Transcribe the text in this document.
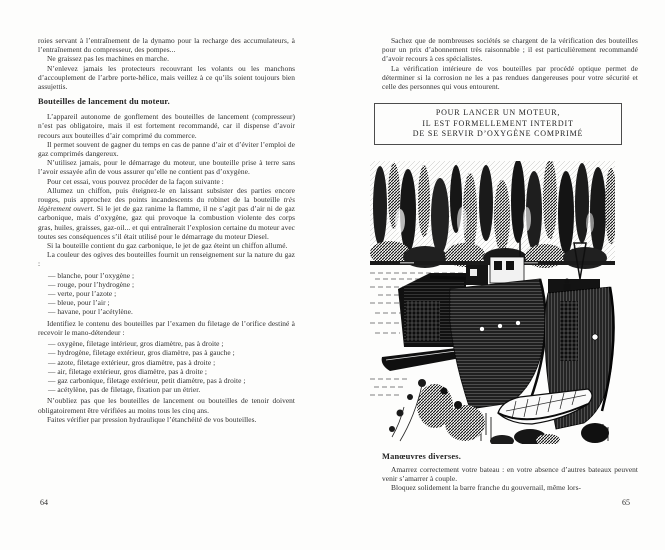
roies servant à l’entraînement de la dynamo pour la recharge des accumulateurs, à l’entraînement du compresseur, des pompes...

Ne graissez pas les machines en marche.

N’enlevez jamais les protecteurs recouvrant les volants ou les manchons d’accouplement de l’arbre porte-hélice, mais veillez à ce qu’ils soient toujours bien assujettis.

Bouteilles de lancement du moteur.

L’appareil autonome de gonflement des bouteilles de lancement (compresseur) n’est pas obligatoire, mais il est fortement recommandé, car il dispense d’avoir recours aux bouteilles d’air comprimé du commerce.

Il permet souvent de gagner du temps en cas de panne d’air et d’éviter l’emploi de gaz comprimés dangereux.

N’utilisez jamais, pour le démarrage du moteur, une bouteille prise à terre sans l’avoir essayée afin de vous assurer qu’elle ne contient pas d’oxygène.

Pour cet essai, vous pouvez procéder de la façon suivante :

Allumez un chiffon, puis éteignez-le en laissant subsister des parties encore rouges, puis approchez des points incandescents du robinet de la bouteille très légèrement ouvert. Si le jet de gaz ranime la flamme, il ne s’agit pas d’air ni de gaz carbonique, mais d’oxygène, gaz qui provoque la combustion violente des corps gras, huiles, graisses, gaz-oil... et qui entraînerait l’explosion certaine du moteur avec toutes ses conséquences s’il était utilisé pour le démarrage du moteur Diesel.

Si la bouteille contient du gaz carbonique, le jet de gaz éteint un chiffon allumé.

La couleur des ogives des bouteilles fournit un renseignement sur la nature du gaz :

— blanche, pour l’oxygène ;
— rouge, pour l’hydrogène ;
— verte, pour l’azote ;
— bleue, pour l’air ;
— havane, pour l’acétylène.

Identifiez le contenu des bouteilles par l’examen du filetage de l’orifice destiné à recevoir le mano-détendeur :

— oxygène, filetage intérieur, gros diamètre, pas à droite ;
— hydrogène, filetage extérieur, gros diamètre, pas à gauche ;
— azote, filetage extérieur, gros diamètre, pas à droite ;
— air, filetage extérieur, gros diamètre, pas à droite ;
— gaz carbonique, filetage extérieur, petit diamètre, pas à droite ;
— acétylène, pas de filetage, fixation par un étrier.

N’oubliez pas que les bouteilles de lancement ou bouteilles de tenoir doivent obligatoirement être vérifiées au moins tous les cinq ans.

Faites vérifier par pression hydraulique l’étanchéité de vos bouteilles.

64

Sachez que de nombreuses sociétés se chargent de la vérification des bouteilles pour un prix d’abonnement très raisonnable ; il est particulièrement recommandé d’avoir recours à ces spécialistes.

La vérification intérieure de vos bouteilles par procédé optique permet de déterminer si la corrosion ne les a pas rendues dangereuses pour votre sécurité et celle des personnes qui vous entourent.

POUR LANCER UN MOTEUR,
IL EST FORMELLEMENT INTERDIT
DE SE SERVIR D’OXYGÈNE COMPRIMÉ
Manœuvres diverses.

Amarrez correctement votre bateau : en votre absence d’autres bateaux peuvent venir s’amarrer à couple.

Bloquez solidement la barre franche du gouvernail, même lors-

65
